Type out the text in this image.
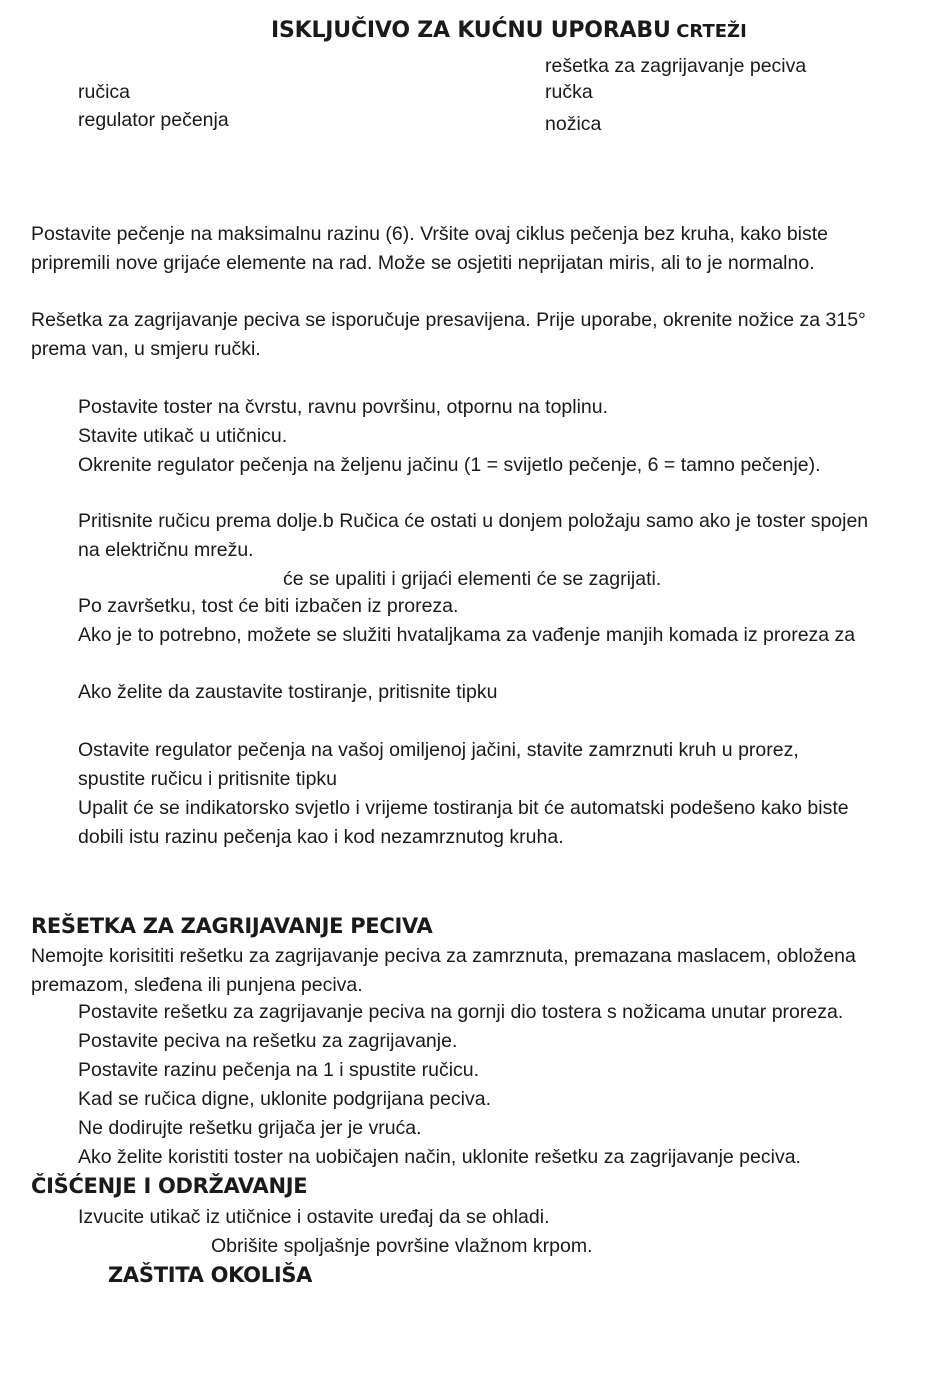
ISKLJUČIVO ZA KUĆNU UPORABU CRTEŽI
rešetka za zagrijavanje peciva
ručica	ručka
regulator pečenja	nožica
Postavite pečenje na maksimalnu razinu (6). Vršite ovaj ciklus pečenja bez kruha, kako biste
pripremili nove grijaće elemente na rad. Može se osjetiti neprijatan miris, ali to je normalno.
Rešetka za zagrijavanje peciva se isporučuje presavijena. Prije uporabe, okrenite nožice za 315°
prema van, u smjeru ručki.
Postavite toster na čvrstu, ravnu površinu, otpornu na toplinu.
Stavite utikač u utičnicu.
Okrenite regulator pečenja na željenu jačinu (1 = svijetlo pečenje, 6 = tamno pečenje).
Pritisnite ručicu prema dolje.b Ručica će ostati u donjem položaju samo ako je toster spojen
na električnu mrežu.
će se upaliti i grijaći elementi će se zagrijati.
Po završetku, tost će biti izbačen iz proreza.
Ako je to potrebno, možete se služiti hvataljkama za vađenje manjih komada iz proreza za
Ako želite da zaustavite tostiranje, pritisnite tipku
Ostavite regulator pečenja na vašoj omiljenoj jačini, stavite zamrznuti kruh u prorez,
spustite ručicu i pritisnite tipku
Upalit će se indikatorsko svjetlo i vrijeme tostiranja bit će automatski podešeno kako biste
dobili istu razinu pečenja kao i kod nezamrznutog kruha.
REŠETKA ZA ZAGRIJAVANJE PECIVA
Nemojte korisititi rešetku za zagrijavanje peciva za zamrznuta, premazana maslacem, obložena
premazom, sleđena ili punjena peciva.
Postavite rešetku za zagrijavanje peciva na gornji dio tostera s nožicama unutar proreza.
Postavite peciva na rešetku za zagrijavanje.
Postavite razinu pečenja na 1 i spustite ručicu.
Kad se ručica digne, uklonite podgrijana peciva.
Ne dodirujte rešetku grijača jer je vruća.
Ako želite koristiti toster na uobičajen način, uklonite rešetku za zagrijavanje peciva.
ČIŠĆENJE I ODRŽAVANJE
Izvucite utikač iz utičnice i ostavite uređaj da se ohladi.
Obrišite spoljašnje površine vlažnom krpom.
ZAŠTITA OKOLIŠA
